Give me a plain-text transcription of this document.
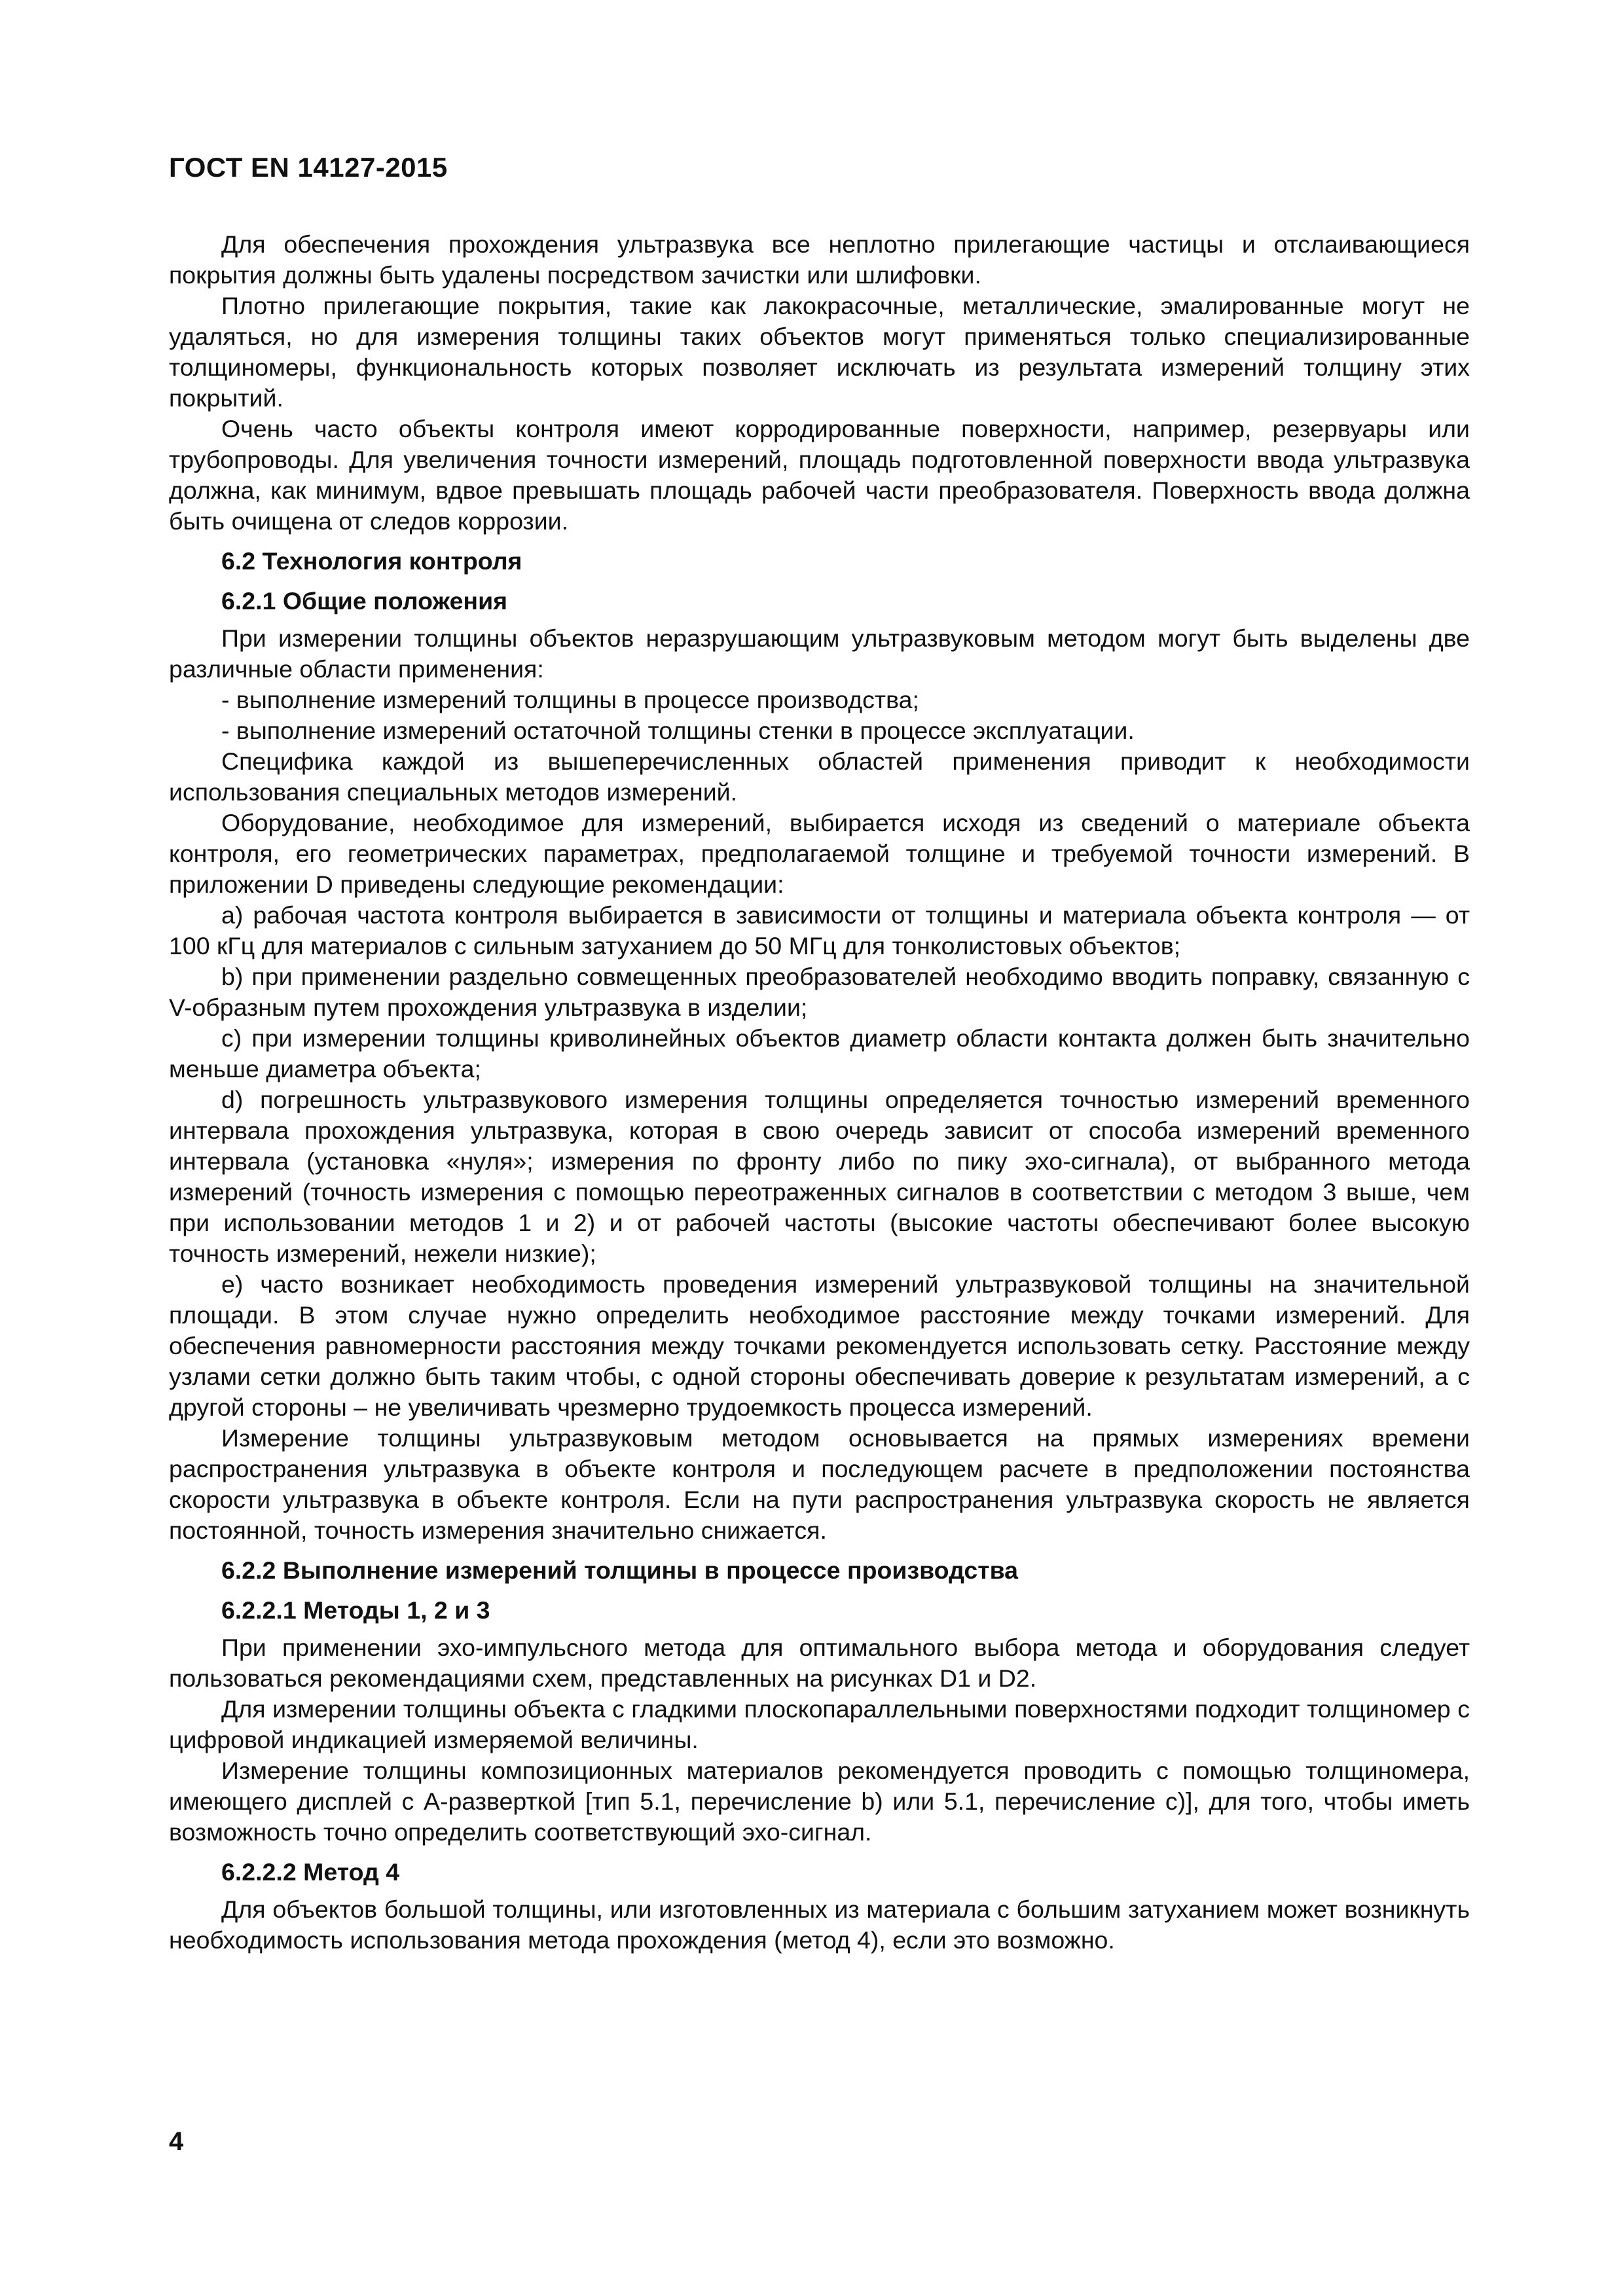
ГОСТ EN 14127-2015

Для обеспечения прохождения ультразвука все неплотно прилегающие частицы и отслаивающиеся покрытия должны быть удалены посредством зачистки или шлифовки.

Плотно прилегающие покрытия, такие как лакокрасочные, металлические, эмалированные могут не удаляться, но для измерения толщины таких объектов могут применяться только специализированные толщиномеры, функциональность которых позволяет исключать из результата измерений толщину этих покрытий.

Очень часто объекты контроля имеют корродированные поверхности, например, резервуары или трубопроводы. Для увеличения точности измерений, площадь подготовленной поверхности ввода ультразвука должна, как минимум, вдвое превышать площадь рабочей части преобразователя. Поверхность ввода должна быть очищена от следов коррозии.

6.2 Технология контроля

6.2.1 Общие положения

При измерении толщины объектов неразрушающим ультразвуковым методом могут быть выделены две различные области применения:

- выполнение измерений толщины в процессе производства;

- выполнение измерений остаточной толщины стенки в процессе эксплуатации.

Специфика каждой из вышеперечисленных областей применения приводит к необходимости использования специальных методов измерений.

Оборудование, необходимое для измерений, выбирается исходя из сведений о материале объекта контроля, его геометрических параметрах, предполагаемой толщине и требуемой точности измерений. В приложении D приведены следующие рекомендации:

a) рабочая частота контроля выбирается в зависимости от толщины и материала объекта контроля — от 100 кГц для материалов с сильным затуханием до 50 МГц для тонколистовых объектов;

b) при применении раздельно совмещенных преобразователей необходимо вводить поправку, связанную с V-образным путем прохождения ультразвука в изделии;

c) при измерении толщины криволинейных объектов диаметр области контакта должен быть значительно меньше диаметра объекта;

d) погрешность ультразвукового измерения толщины определяется точностью измерений временного интервала прохождения ультразвука, которая в свою очередь зависит от способа измерений временного интервала (установка «нуля»; измерения по фронту либо по пику эхо-сигнала), от выбранного метода измерений (точность измерения с помощью переотраженных сигналов в соответствии с методом 3 выше, чем при использовании методов 1 и 2) и от рабочей частоты (высокие частоты обеспечивают более высокую точность измерений, нежели низкие);

e) часто возникает необходимость проведения измерений ультразвуковой толщины на значительной площади. В этом случае нужно определить необходимое расстояние между точками измерений. Для обеспечения равномерности расстояния между точками рекомендуется использовать сетку. Расстояние между узлами сетки должно быть таким чтобы, с одной стороны обеспечивать доверие к результатам измерений, а с другой стороны – не увеличивать чрезмерно трудоемкость процесса измерений.

Измерение толщины ультразвуковым методом основывается на прямых измерениях времени распространения ультразвука в объекте контроля и последующем расчете в предположении постоянства скорости ультразвука в объекте контроля. Если на пути распространения ультразвука скорость не является постоянной, точность измерения значительно снижается.

6.2.2 Выполнение измерений толщины в процессе производства

6.2.2.1 Методы 1, 2 и 3

При применении эхо-импульсного метода для оптимального выбора метода и оборудования следует пользоваться рекомендациями схем, представленных на рисунках D1 и D2.

Для измерении толщины объекта с гладкими плоскопараллельными поверхностями подходит толщиномер с цифровой индикацией измеряемой величины.

Измерение толщины композиционных материалов рекомендуется проводить с помощью толщиномера, имеющего дисплей с А-разверткой [тип 5.1, перечисление b) или 5.1, перечисление c)], для того, чтобы иметь возможность точно определить соответствующий эхо-сигнал.

6.2.2.2 Метод 4

Для объектов большой толщины, или изготовленных из материала с большим затуханием может возникнуть необходимость использования метода прохождения (метод 4), если это возможно.

4
